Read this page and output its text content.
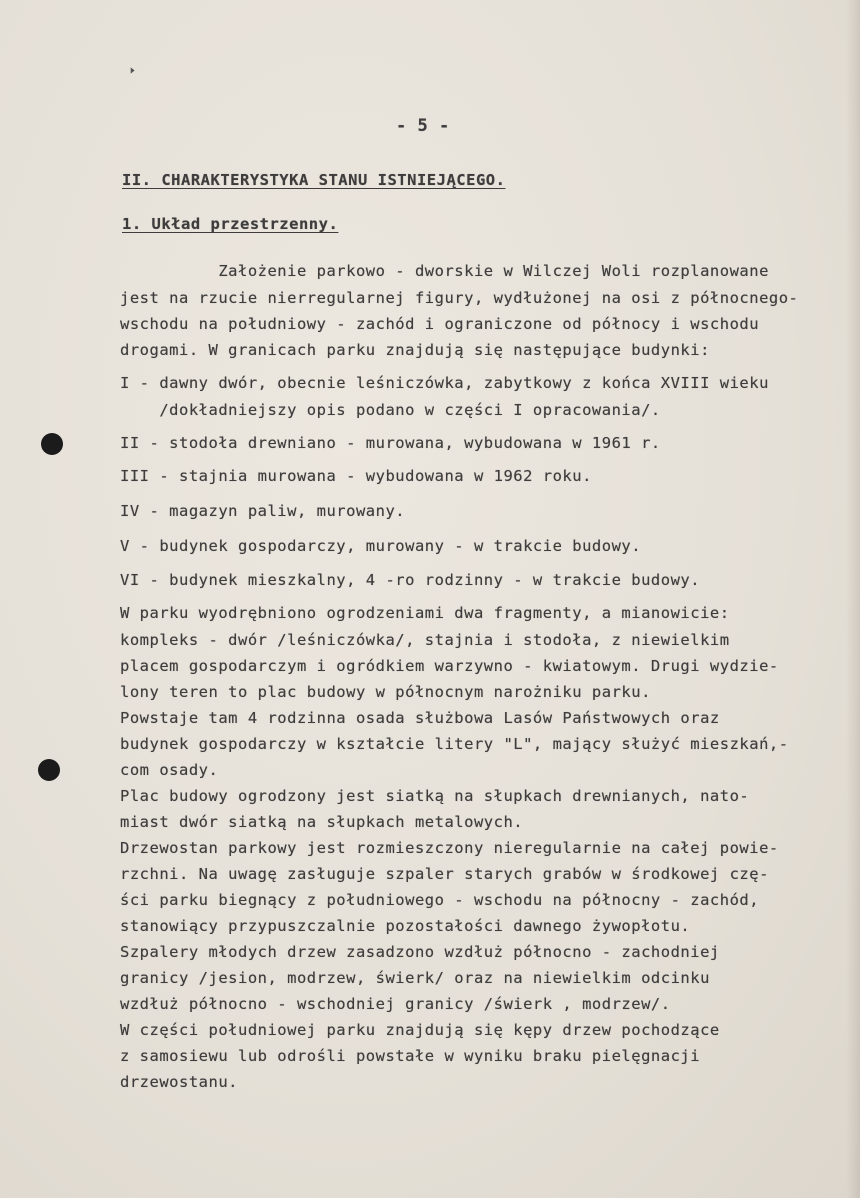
🢒
- 5 -
II. CHARAKTERYSTYKA STANU ISTNIEJĄCEGO.
1. Układ przestrzenny.
Założenie parkowo - dworskie w Wilczej Woli rozplanowane
jest na rzucie nierregularnej figury, wydłużonej na osi z północnego-
wschodu na południowy - zachód i ograniczone od północy i wschodu
drogami. W granicach parku znajdują się następujące budynki:
I - dawny dwór, obecnie leśniczówka, zabytkowy z końca XVIII wieku
/dokładniejszy opis podano w części I opracowania/.
II - stodoła drewniano - murowana, wybudowana w 1961 r.
III - stajnia murowana - wybudowana w 1962 roku.
IV - magazyn paliw, murowany.
V - budynek gospodarczy, murowany - w trakcie budowy.
VI - budynek mieszkalny, 4 -ro rodzinny - w trakcie budowy.
W parku wyodrębniono ogrodzeniami dwa fragmenty, a mianowicie:
kompleks - dwór /leśniczówka/, stajnia i stodoła, z niewielkim
placem gospodarczym i ogródkiem warzywno - kwiatowym. Drugi wydzie-
lony teren to plac budowy w północnym narożniku parku.
Powstaje tam 4 rodzinna osada służbowa Lasów Państwowych oraz
budynek gospodarczy w kształcie litery "L", mający służyć mieszkań,-
com osady.
Plac budowy ogrodzony jest siatką na słupkach drewnianych, nato-
miast dwór siatką na słupkach metalowych.
Drzewostan parkowy jest rozmieszczony nieregularnie na całej powie-
rzchni. Na uwagę zasługuje szpaler starych grabów w środkowej czę-
ści parku biegnący z południowego - wschodu na północny - zachód,
stanowiący przypuszczalnie pozostałości dawnego żywopłotu.
Szpalery młodych drzew zasadzono wzdłuż północno - zachodniej
granicy /jesion, modrzew, świerk/ oraz na niewielkim odcinku
wzdłuż północno - wschodniej granicy /świerk , modrzew/.
W części południowej parku znajdują się kępy drzew pochodzące
z samosiewu lub odrośli powstałe w wyniku braku pielęgnacji
drzewostanu.
